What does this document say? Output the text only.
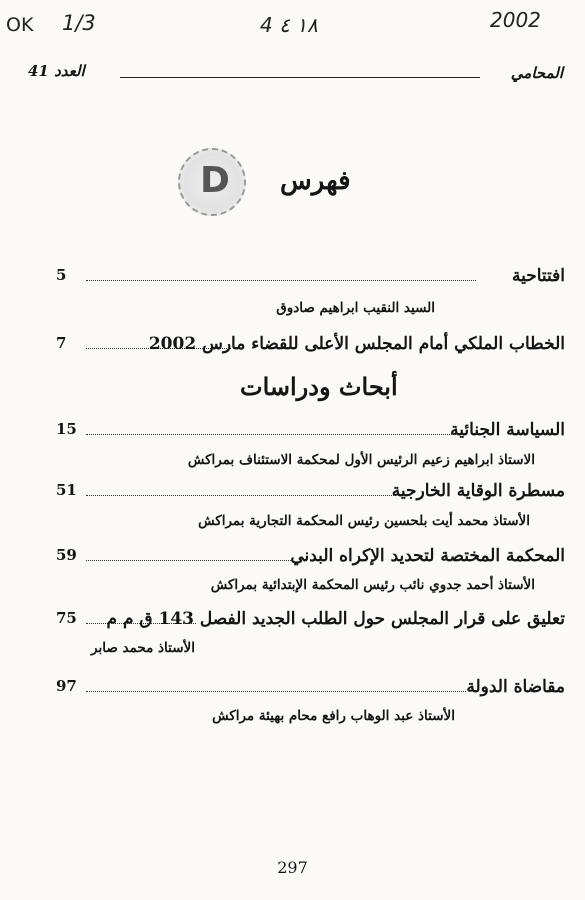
OK 1/3	4 ١٨ ٤	2002
العدد 41	المحامي
D فهرس
5	افتتاحية
السيد النقيب ابراهيم صادوق
7	الخطاب الملكي أمام المجلس الأعلى للقضاء مارس 2002
أبحاث ودراسات
15	السياسة الجنائية
الاستاذ ابراهيم زعيم الرئيس الأول لمحكمة الاستئناف بمراكش
51	مسطرة الوقاية الخارجية
الأستاذ محمد أيت بلحسين رئيس المحكمة التجارية بمراكش
59	المحكمة المختصة لتحديد الإكراه البدني
الأستاذ أحمد جدوي نائب رئيس المحكمة الإبتدائية بمراكش
75 تعليق على قرار المجلس حول الطلب الجديد الفصل 143 ق م م
الأستاذ محمد صابر
97	مقاضاة الدولة
الأستاذ عبد الوهاب رافع محام بهيئة مراكش
297
